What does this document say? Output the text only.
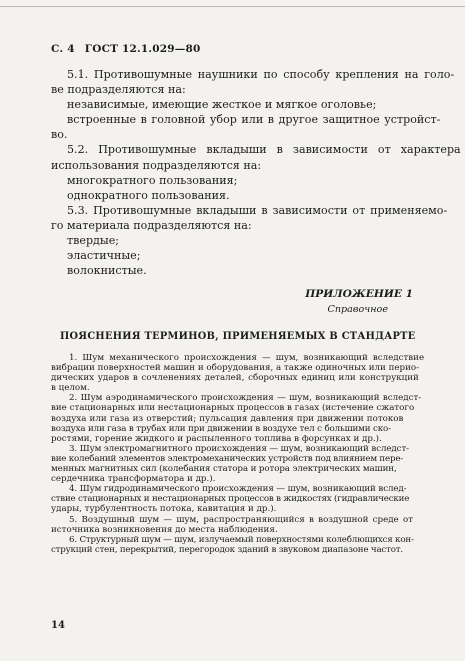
С. 4 ГОСТ 12.1.029—80
5.1. Противошумные наушники по способу крепления на голо-
ве подразделяются на:
независимые, имеющие жесткое и мягкое оголовье;
встроенные в головной убор или в другое защитное устройст-
во.
5.2. Противошумные вкладыши в зависимости от характера
использования подразделяются на:
многократного пользования;
однократного пользования.
5.3. Противошумные вкладыши в зависимости от применяемо-
го материала подразделяются на:
твердые;
эластичные;
волокнистые.
ПРИЛОЖЕНИЕ 1
Справочное
ПОЯСНЕНИЯ ТЕРМИНОВ, ПРИМЕНЯЕМЫХ В СТАНДАРТЕ
1. Шум механического происхождения — шум, возникающий вследствие
вибрации поверхностей машин и оборудования, а также одиночных или перио-
дических ударов в сочленениях деталей, сборочных единиц или конструкций
в целом.
2. Шум аэродинамического происхождения — шум, возникающий вследст-
вие стационарных или нестационарных процессов в газах (истечение сжатого
воздуха или газа из отверстий; пульсация давления при движении потоков
воздуха или газа в трубах или при движении в воздухе тел с большими ско-
ростями, горение жидкого и распыленного топлива в форсунках и др.).
3. Шум электромагнитного происхождения — шум, возникающий вследст-
вие колебаний элементов электромеханических устройств под влиянием пере-
менных магнитных сил (колебания статора и ротора электрических машин,
сердечника трансформатора и др.).
4. Шум гидродинамического происхождения — шум, возникающий вслед-
ствие стационарных и нестационарных процессов в жидкостях (гидравлические
удары, турбулентность потока, кавитация и др.).
5. Воздушный шум — шум, распространяющийся в воздушной среде от
источника возникновения до места наблюдения.
6. Структурный шум — шум, излучаемый поверхностями колеблющихся кон-
струкций стен, перекрытий, перегородок зданий в звуковом диапазоне частот.
14
